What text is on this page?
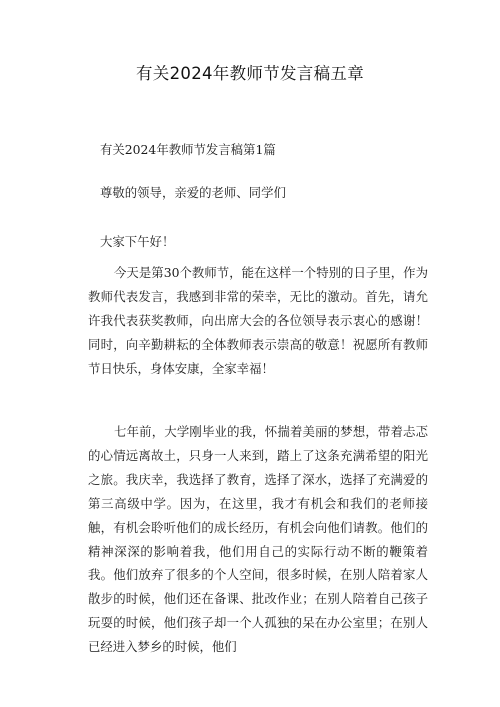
有关2024年教师节发言稿五章

有关2024年教师节发言稿第1篇

尊敬的领导，亲爱的老师、同学们

大家下午好！

今天是第30个教师节，能在这样一个特别的日子里，作为教师代表发言，我感到非常的荣幸，无比的激动。首先，请允许我代表获奖教师，向出席大会的各位领导表示衷心的感谢！同时，向辛勤耕耘的全体教师表示崇高的敬意！祝愿所有教师节日快乐，身体安康，全家幸福！

七年前，大学刚毕业的我，怀揣着美丽的梦想，带着忐忑的心情远离故土，只身一人来到，踏上了这条充满希望的阳光之旅。我庆幸，我选择了教育，选择了深水，选择了充满爱的第三高级中学。因为，在这里，我才有机会和我们的老师接触，有机会聆听他们的成长经历，有机会向他们请教。他们的精神深深的影响着我，他们用自己的实际行动不断的鞭策着我。他们放弃了很多的个人空间，很多时候，在别人陪着家人散步的时候，他们还在备课、批改作业；在别人陪着自己孩子玩耍的时候，他们孩子却一个人孤独的呆在办公室里；在别人已经进入梦乡的时候，他们
